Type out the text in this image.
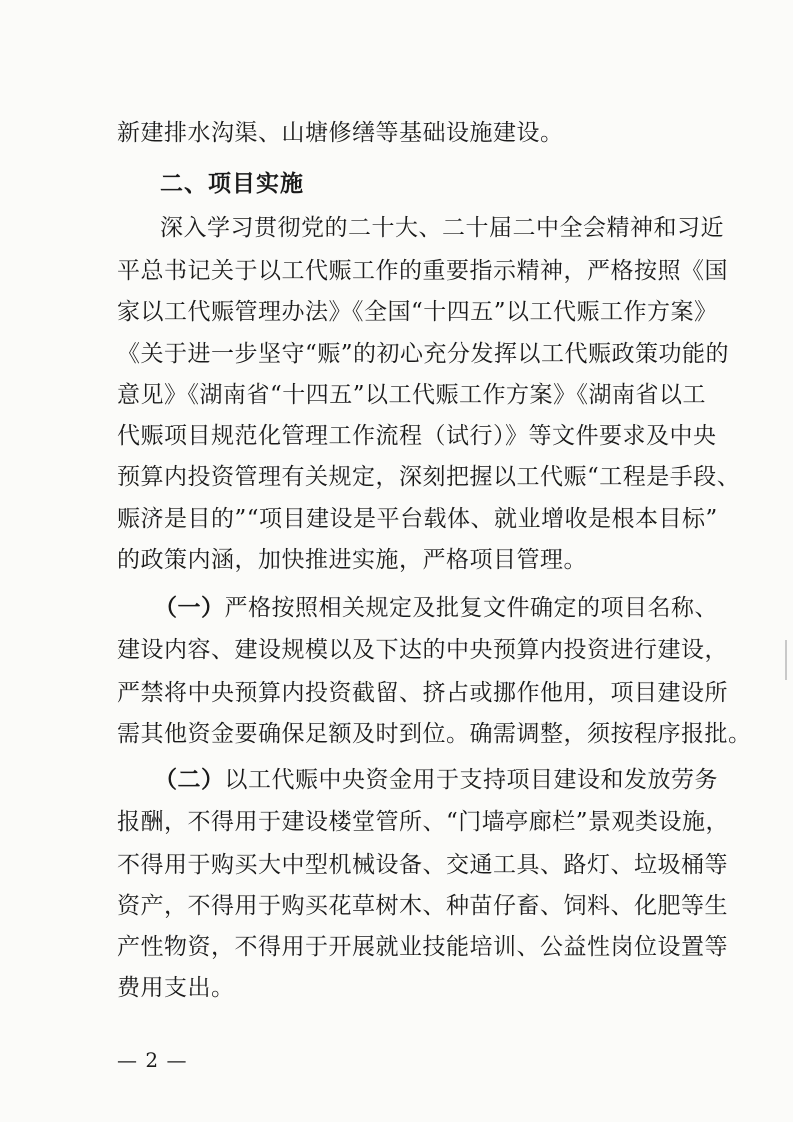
新建排水沟渠、山塘修缮等基础设施建设。
二、项目实施
深入学习贯彻党的二十大、二十届二中全会精神和习近
平总书记关于以工代赈工作的重要指示精神，严格按照《国
家以工代赈管理办法》《全国“十四五”以工代赈工作方案》
《关于进一步坚守“赈”的初心充分发挥以工代赈政策功能的
意见》《湖南省“十四五”以工代赈工作方案》《湖南省以工
代赈项目规范化管理工作流程（试行）》等文件要求及中央
预算内投资管理有关规定，深刻把握以工代赈“工程是手段、
赈济是目的”“项目建设是平台载体、就业增收是根本目标”
的政策内涵，加快推进实施，严格项目管理。
（一）严格按照相关规定及批复文件确定的项目名称、
建设内容、建设规模以及下达的中央预算内投资进行建设，
严禁将中央预算内投资截留、挤占或挪作他用，项目建设所
需其他资金要确保足额及时到位。确需调整，须按程序报批。
（二）以工代赈中央资金用于支持项目建设和发放劳务
报酬，不得用于建设楼堂管所、“门墙亭廊栏”景观类设施，
不得用于购买大中型机械设备、交通工具、路灯、垃圾桶等
资产，不得用于购买花草树木、种苗仔畜、饲料、化肥等生
产性物资，不得用于开展就业技能培训、公益性岗位设置等
费用支出。
— 2 —
